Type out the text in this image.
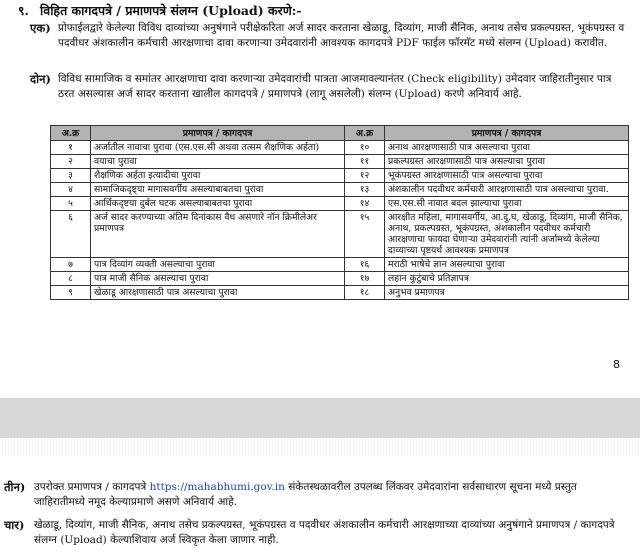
९. विहित कागदपत्रे / प्रमाणपत्रे संलग्न (Upload) करणे:-
एक) प्रोफाईलद्वारे केलेल्या विविध दाव्यांच्या अनुषंगाने परीक्षेकरिता अर्ज सादर करताना खेळाडू, दिव्यांग, माजी सैनिक, अनाथ तसेच प्रकल्पग्रस्त, भूकंपग्रस्त व पदवीधर अंशकालीन कर्मचारी आरक्षणाचा दावा करणाऱ्या उमेदवारांनी आवश्यक कागदपत्रे PDF फाईल फॉरमॅट मध्ये संलग्न (Upload) करावीत.
दोन) विविध सामाजिक व समांतर आरक्षणाचा दावा करणाऱ्या उमेदवारांची पात्रता आजमावल्यानंतर (Check eligibility) उमेदवार जाहिरातीनुसार पात्र ठरत असल्यास अर्ज सादर करताना खालील कागदपत्रे / प्रमाणपत्रे (लागू असलेली) संलग्न (Upload) करणे अनिवार्य आहे.
अ.क्र	प्रमाणपत्र / कागदपत्र	अ.क्र	प्रमाणपत्र / कागदपत्र
१	अर्जातील नावाचा पुरावा (एस.एस.सी अथवा तत्सम शैक्षणिक अर्हता)	१०	अनाथ आरक्षणासाठी पात्र असल्याचा पुरावा
२	वयाचा पुरावा	११	प्रकल्पग्रस्त आरक्षणासाठी पात्र असल्याचा पुरावा
३	शैक्षणिक अर्हता इत्यादीचा पुरावा	१२	भूकंपग्रस्त आरक्षणासाठी पात्र असल्याचा पुरावा
४	सामाजिकदृष्ट्या मागासवर्गीय असल्याबाबतचा पुरावा	१३	अंशकालीन पदवीधर कर्मचारी आरक्षणासाठी पात्र असल्याचा पुरावा.
५	आर्थिकदृष्टया दुर्बल घटक असल्याबाबतचा पुरावा	१४	एस.एस.सी नावात बदल झाल्याचा पुरावा
६	अर्ज सादर करण्याच्या अंतिम दिनांकास वैध असणारे नॉन क्रिमीलेअर प्रमाणपत्र	१५	आरक्षीत महिला, मागासवर्गीय, आ.दु.घ, खेळाडू, दिव्यांग, माजी सैनिक, अनाथ, प्रकल्पग्रस्त, भूकंपग्रस्त, अंशकालीन पदवीधर कर्मचारी आरक्षणाचा फायदा घेणाऱ्या उमेदवारांनी त्यांनी अर्जामध्ये केलेल्या दाव्याच्या पृष्टयर्थ आवश्यक प्रमाणपत्र
७	पात्र दिव्यांग व्यक्ती असल्याचा पुरावा	१६	मराठी भाषेचे ज्ञान असल्याचा पुरावा
८	पात्र माजी सैनिक असल्याचा पुरावा	१७	लहान कुटुंबाचे प्रतिज्ञापत्र
९	खेळाडू आरक्षणासाठी पात्र असल्याचा पुरावा	१८	अनुभव प्रमाणपत्र
8
तीन) उपरोक्त प्रमाणपत्र / कागदपत्रे https://mahabhumi.gov.in संकेतस्थळावरील उपलब्ध लिंकवर उमेदवारांना सर्वसाधारण सूचना मध्ये प्रस्तुत जाहिरातीमध्ये नमूद केल्याप्रमाणे असणे अनिवार्य आहे.
चार) खेळाडू, दिव्यांग, माजी सैनिक, अनाथ तसेच प्रकल्पग्रस्त, भूकंपग्रस्त व पदवीधर अंशकालीन कर्मचारी आरक्षणाच्या दाव्यांच्या अनुषंगाने प्रमाणपत्र / कागदपत्रे संलग्न (Upload) केल्याशिवाय अर्ज स्विकृत केला जाणार नाही.
